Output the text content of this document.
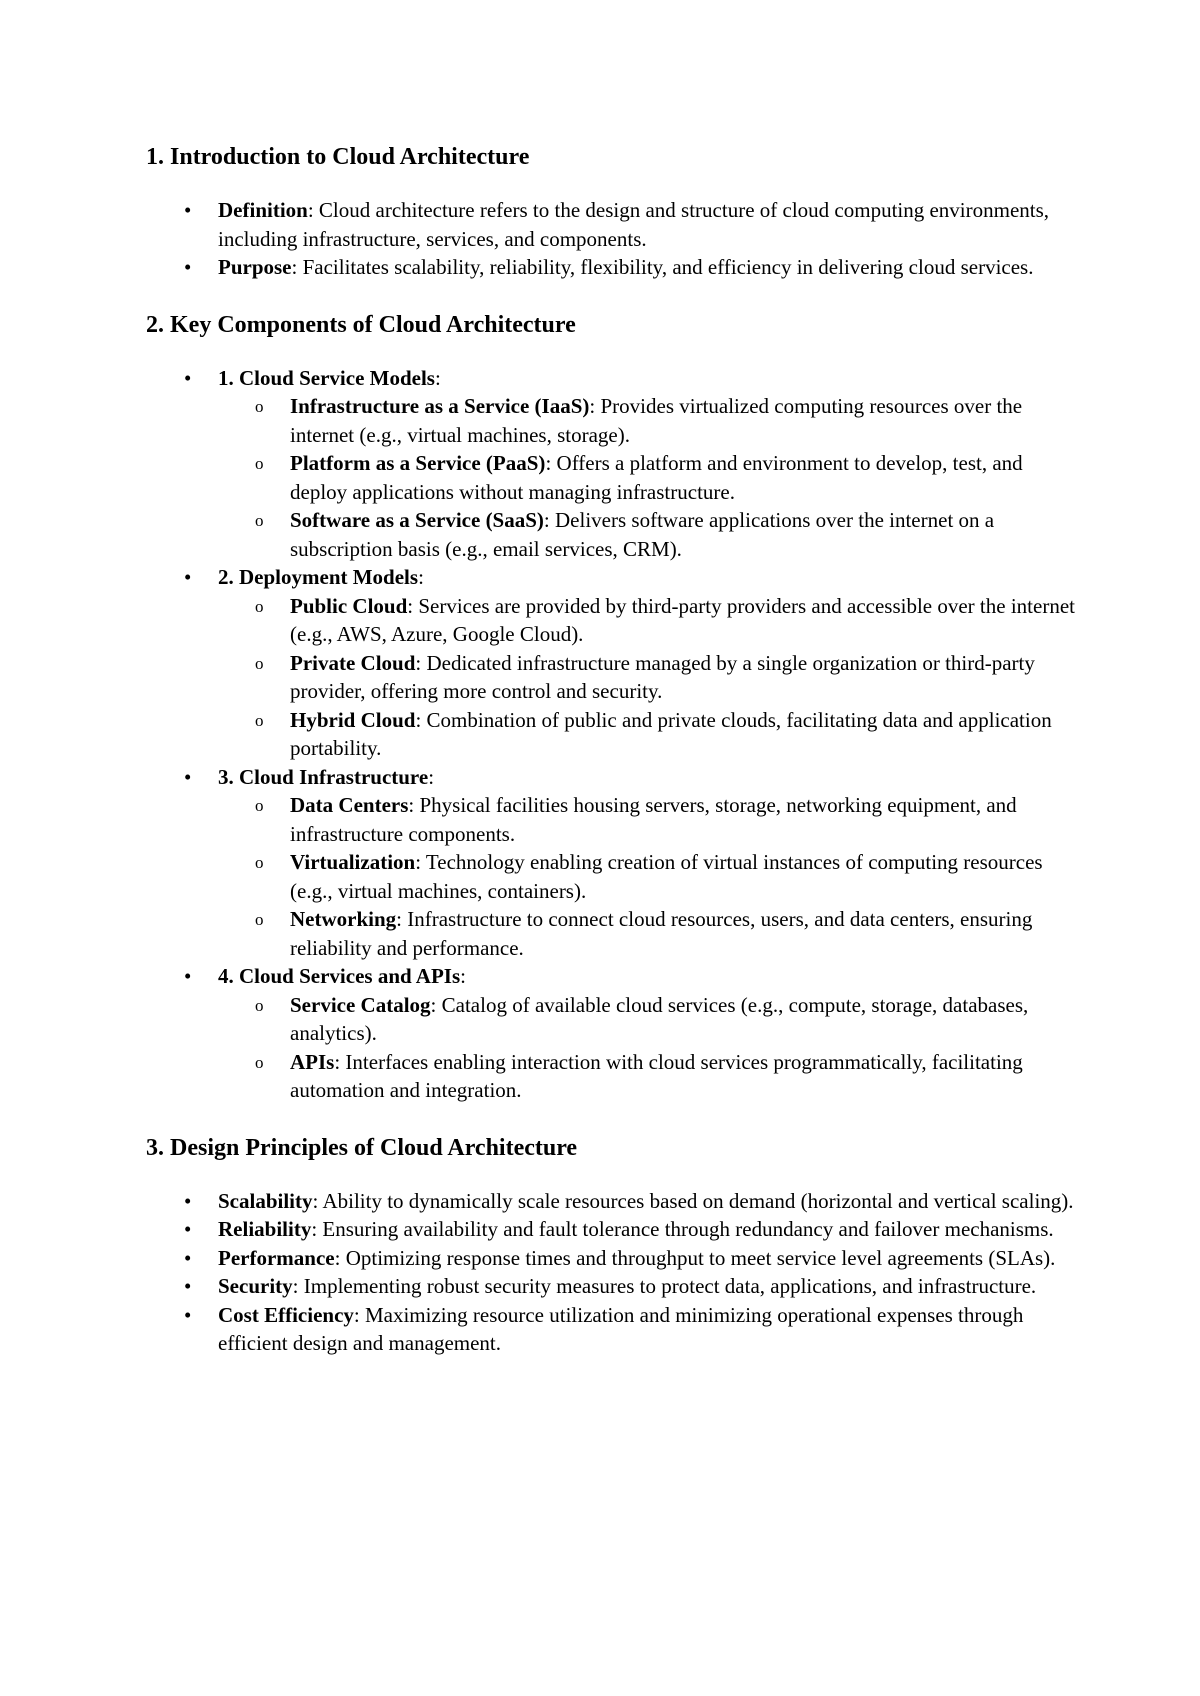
1. Introduction to Cloud Architecture
• Definition: Cloud architecture refers to the design and structure of cloud computing environments, including infrastructure, services, and components.
• Purpose: Facilitates scalability, reliability, flexibility, and efficiency in delivering cloud services.
2. Key Components of Cloud Architecture
• 1. Cloud Service Models:
o Infrastructure as a Service (IaaS): Provides virtualized computing resources over the internet (e.g., virtual machines, storage).
o Platform as a Service (PaaS): Offers a platform and environment to develop, test, and deploy applications without managing infrastructure.
o Software as a Service (SaaS): Delivers software applications over the internet on a subscription basis (e.g., email services, CRM).
• 2. Deployment Models:
o Public Cloud: Services are provided by third-party providers and accessible over the internet (e.g., AWS, Azure, Google Cloud).
o Private Cloud: Dedicated infrastructure managed by a single organization or third-party provider, offering more control and security.
o Hybrid Cloud: Combination of public and private clouds, facilitating data and application portability.
• 3. Cloud Infrastructure:
o Data Centers: Physical facilities housing servers, storage, networking equipment, and infrastructure components.
o Virtualization: Technology enabling creation of virtual instances of computing resources (e.g., virtual machines, containers).
o Networking: Infrastructure to connect cloud resources, users, and data centers, ensuring reliability and performance.
• 4. Cloud Services and APIs:
o Service Catalog: Catalog of available cloud services (e.g., compute, storage, databases, analytics).
o APIs: Interfaces enabling interaction with cloud services programmatically, facilitating automation and integration.
3. Design Principles of Cloud Architecture
• Scalability: Ability to dynamically scale resources based on demand (horizontal and vertical scaling).
• Reliability: Ensuring availability and fault tolerance through redundancy and failover mechanisms.
• Performance: Optimizing response times and throughput to meet service level agreements (SLAs).
• Security: Implementing robust security measures to protect data, applications, and infrastructure.
• Cost Efficiency: Maximizing resource utilization and minimizing operational expenses through efficient design and management.
